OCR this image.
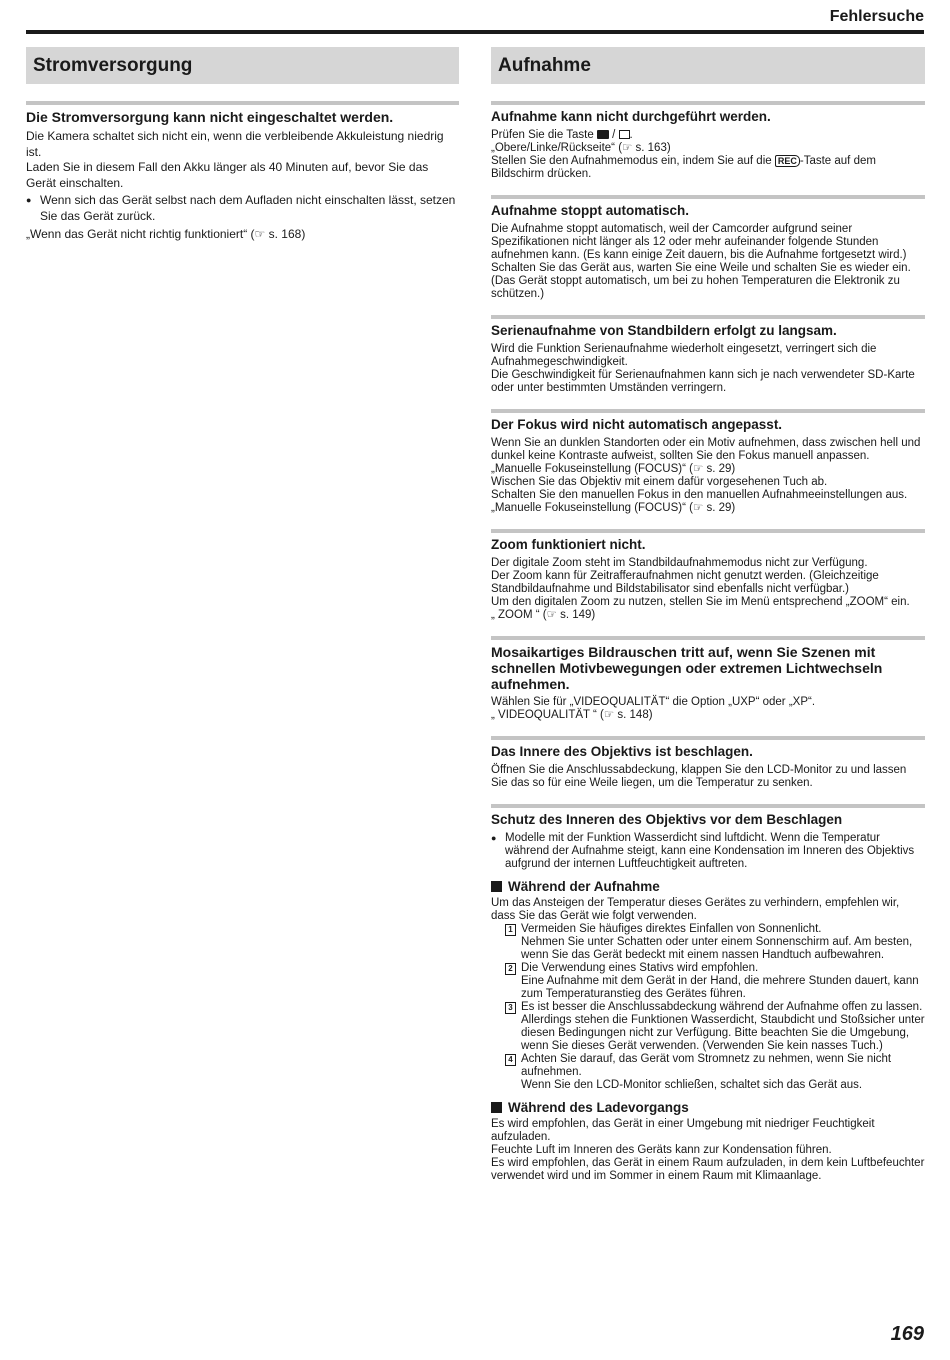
Fehlersuche
Stromversorgung

Die Stromversorgung kann nicht eingeschaltet werden.

Die Kamera schaltet sich nicht ein, wenn die verbleibende Akkuleistung niedrig ist.

Laden Sie in diesem Fall den Akku länger als 40 Minuten auf, bevor Sie das Gerät einschalten.

● Wenn sich das Gerät selbst nach dem Aufladen nicht einschalten lässt, setzen Sie das Gerät zurück.

„Wenn das Gerät nicht richtig funktioniert“ (☞ s. 168)

Aufnahme

Aufnahme kann nicht durchgeführt werden.

Prüfen Sie die Taste  / .

„Obere/Linke/Rückseite“ (☞ s. 163)

Stellen Sie den Aufnahmemodus ein, indem Sie auf die REC -Taste auf dem Bildschirm drücken.

Aufnahme stoppt automatisch.

Die Aufnahme stoppt automatisch, weil der Camcorder aufgrund seiner Spezifikationen nicht länger als 12 oder mehr aufeinander folgende Stunden aufnehmen kann. (Es kann einige Zeit dauern, bis die Aufnahme fortgesetzt wird.)

Schalten Sie das Gerät aus, warten Sie eine Weile und schalten Sie es wieder ein. (Das Gerät stoppt automatisch, um bei zu hohen Temperaturen die Elektronik zu schützen.)

Serienaufnahme von Standbildern erfolgt zu langsam.

Wird die Funktion Serienaufnahme wiederholt eingesetzt, verringert sich die Aufnahmegeschwindigkeit.

Die Geschwindigkeit für Serienaufnahmen kann sich je nach verwendeter SD-Karte oder unter bestimmten Umständen verringern.

Der Fokus wird nicht automatisch angepasst.

Wenn Sie an dunklen Standorten oder ein Motiv aufnehmen, dass zwischen hell und dunkel keine Kontraste aufweist, sollten Sie den Fokus manuell anpassen.

„Manuelle Fokuseinstellung (FOCUS)“ (☞ s. 29)

Wischen Sie das Objektiv mit einem dafür vorgesehenen Tuch ab.

Schalten Sie den manuellen Fokus in den manuellen Aufnahmeeinstellungen aus.

„Manuelle Fokuseinstellung (FOCUS)“ (☞ s. 29)

Zoom funktioniert nicht.

Der digitale Zoom steht im Standbildaufnahmemodus nicht zur Verfügung.

Der Zoom kann für Zeitrafferaufnahmen nicht genutzt werden. (Gleichzeitige Standbildaufnahme und Bildstabilisator sind ebenfalls nicht verfügbar.)

Um den digitalen Zoom zu nutzen, stellen Sie im Menü entsprechend „ZOOM“ ein.

„ ZOOM “ (☞ s. 149)

Mosaikartiges Bildrauschen tritt auf, wenn Sie Szenen mit schnellen Motivbewegungen oder extremen Lichtwechseln aufnehmen.

Wählen Sie für „VIDEOQUALITÄT“ die Option „UXP“ oder „XP“.

„ VIDEOQUALITÄT “ (☞ s. 148)

Das Innere des Objektivs ist beschlagen.

Öffnen Sie die Anschlussabdeckung, klappen Sie den LCD-Monitor zu und lassen Sie das so für eine Weile liegen, um die Temperatur zu senken.

Schutz des Inneren des Objektivs vor dem Beschlagen

● Modelle mit der Funktion Wasserdicht sind luftdicht. Wenn die Temperatur während der Aufnahme steigt, kann eine Kondensation im Inneren des Objektivs aufgrund der internen Luftfeuchtigkeit auftreten.

Während der Aufnahme

Um das Ansteigen der Temperatur dieses Gerätes zu verhindern, empfehlen wir, dass Sie das Gerät wie folgt verwenden.

1 Vermeiden Sie häufiges direktes Einfallen von Sonnenlicht.
Nehmen Sie unter Schatten oder unter einem Sonnenschirm auf. Am besten, wenn Sie das Gerät bedeckt mit einem nassen Handtuch aufbewahren.
2 Die Verwendung eines Stativs wird empfohlen.
Eine Aufnahme mit dem Gerät in der Hand, die mehrere Stunden dauert, kann zum Temperaturanstieg des Gerätes führen.
3 Es ist besser die Anschlussabdeckung während der Aufnahme offen zu lassen.
Allerdings stehen die Funktionen Wasserdicht, Staubdicht und Stoßsicher unter diesen Bedingungen nicht zur Verfügung. Bitte beachten Sie die Umgebung, wenn Sie dieses Gerät verwenden. (Verwenden Sie kein nasses Tuch.)
4 Achten Sie darauf, das Gerät vom Stromnetz zu nehmen, wenn Sie nicht aufnehmen.
Wenn Sie den LCD-Monitor schließen, schaltet sich das Gerät aus.
Während des Ladevorgangs

Es wird empfohlen, das Gerät in einer Umgebung mit niedriger Feuchtigkeit aufzuladen.

Feuchte Luft im Inneren des Geräts kann zur Kondensation führen.

Es wird empfohlen, das Gerät in einem Raum aufzuladen, in dem kein Luftbefeuchter verwendet wird und im Sommer in einem Raum mit Klimaanlage.

169
